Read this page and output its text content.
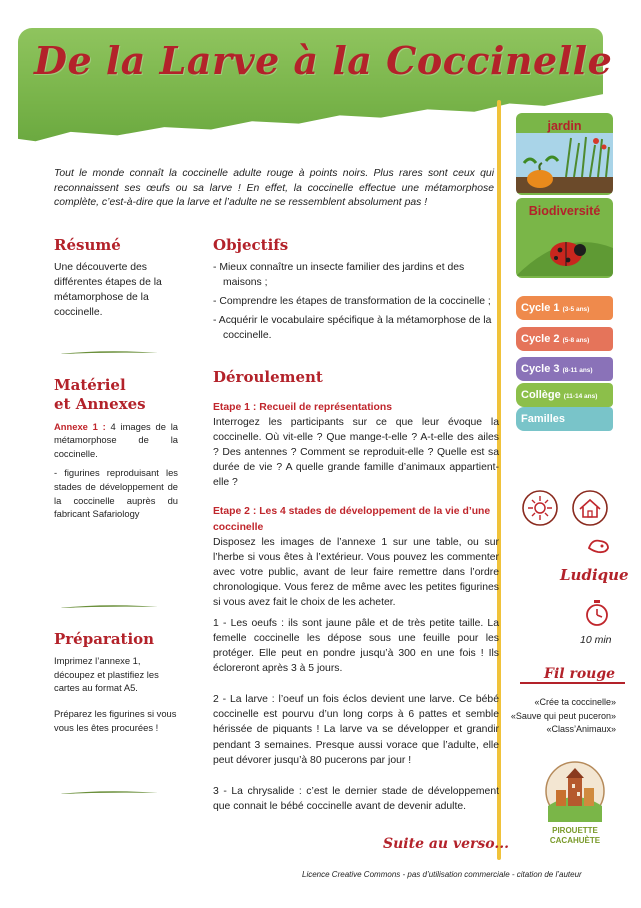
De la Larve à la Coccinelle

Tout le monde connaît la coccinelle adulte rouge à points noirs. Plus rares sont ceux qui reconnaissent ses œufs ou sa larve ! En effet, la coccinelle effectue une métamorphose complète, c’est-à-dire que la larve et l’adulte ne se ressemblent absolument pas !

Résumé
Une découverte des différentes étapes de la métamorphose de la coccinelle.
Matériel
et Annexes
Annexe 1 : 4 images de la métamorphose de la coccinelle.
- figurines reproduisant les stades de développement de la coccinelle auprès du fabricant Safariology
Préparation
Imprimez l’annexe 1, découpez et plastifiez les cartes au format A5.
Préparez les figurines si vous vous les êtes procurées !
Objectifs
- Mieux connaître un insecte familier des jardins et des maisons ;
- Comprendre les étapes de transformation de la coccinelle ;
- Acquérir le vocabulaire spécifique à la métamorphose de la coccinelle.
Déroulement
Etape 1 : Recueil de représentations
Interrogez les participants sur ce que leur évoque la coccinelle. Où vit-elle ? Que mange-t-elle ? A-t-elle des ailes ? Des antennes ? Comment se reproduit-elle ? Quelle est sa durée de vie ? A quelle grande famille d’animaux appartient-elle ?
Etape 2 : Les 4 stades de développement de la vie d’une coccinelle
Disposez les images de l’annexe 1 sur une table, ou sur l’herbe si vous êtes à l’extérieur. Vous pouvez les commenter avec votre public, avant de leur faire remettre dans l’ordre chronologique. Vous ferez de même avec les petites figurines si vous avez fait le choix de les acheter.
1 - Les oeufs : ils sont jaune pâle et de très petite taille. La femelle coccinelle les dépose sous une feuille pour les protéger. Elle peut en pondre jusqu’à 300 en une fois ! Ils écloreront après 3 à 5 jours.
2 - La larve : l’oeuf un fois éclos devient une larve. Ce bébé coccinelle est pourvu d’un long corps à 6 pattes et semble hérissée de piquants ! La larve va se développer et grandir pendant 3 semaines. Presque aussi vorace que l’adulte, elle peut dévorer jusqu’à 80 pucerons par jour !
3 - La chrysalide : c’est le dernier stade de développement que connait le bébé coccinelle avant de devenir adulte.
Suite au verso...
jardin
Biodiversité
Cycle 1 (3-5 ans)
Cycle 2 (5-8 ans)
Cycle 3 (8-11 ans)
Collège (11-14 ans)
Familles
Ludique
10 min
Fil rouge
«Crée ta coccinelle»
«Sauve qui peut puceron»
«Class’Animaux»
PIROUETTE
CACAHUÈTE
Licence Creative Commons - pas d’utilisation commerciale - citation de l’auteur
